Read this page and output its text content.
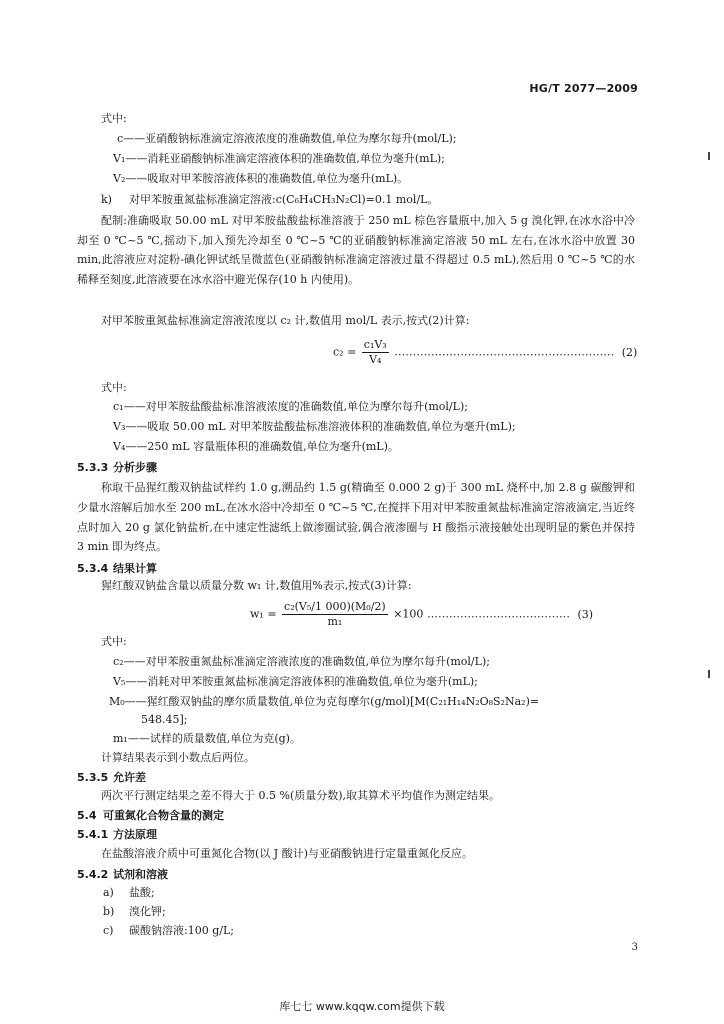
HG/T 2077—2009
式中:
c——亚硝酸钠标准滴定溶液浓度的准确数值,单位为摩尔每升(mol/L);
V₁——消耗亚硝酸钠标准滴定溶液体积的准确数值,单位为毫升(mL);
V₂——吸取对甲苯胺溶液体积的准确数值,单位为毫升(mL)。
k) 对甲苯胺重氮盐标准滴定溶液:c(C₆H₄CH₃N₂Cl)=0.1 mol/L。
配制:准确吸取 50.00 mL 对甲苯胺盐酸盐标准溶液于 250 mL 棕色容量瓶中,加入 5 g 溴化钾,在冰水浴中冷却至 0 ℃~5 ℃,摇动下,加入预先冷却至 0 ℃~5 ℃的亚硝酸钠标准滴定溶液 50 mL 左右,在冰水浴中放置 30 min,此溶液应对淀粉-碘化钾试纸呈微蓝色(亚硝酸钠标准滴定溶液过量不得超过 0.5 mL),然后用 0 ℃~5 ℃的水稀释至刻度,此溶液要在冰水浴中避光保存(10 h 内使用)。
对甲苯胺重氮盐标准滴定溶液浓度以 c₂ 计,数值用 mol/L 表示,按式(2)计算:
$c_2 = \frac{\text{c₁V₃}}{\text{V₄}}$ …………………………………………………… (2)
式中:
c₁——对甲苯胺盐酸盐标准溶液浓度的准确数值,单位为摩尔每升(mol/L);
V₃——吸取 50.00 mL 对甲苯胺盐酸盐标准溶液体积的准确数值,单位为毫升(mL);
V₄——250 mL 容量瓶体积的准确数值,单位为毫升(mL)。
5.3.3 分析步骤
称取干品猩红酸双钠盐试样约 1.0 g,溯品约 1.5 g(精确至 0.000 2 g)于 300 mL 烧杯中,加 2.8 g 碳酸钾和少量水溶解后加水至 200 mL,在冰水浴中冷却至 0 ℃~5 ℃,在搅拌下用对甲苯胺重氮盐标准滴定溶液滴定,当近终点时加入 20 g 氯化钠盐析,在中速定性滤纸上做渗圈试验,偶合液渗圈与 H 酸指示液接触处出现明显的紫色并保持 3 min 即为终点。
5.3.4 结果计算
猩红酸双钠盐含量以质量分数 w₁ 计,数值用%表示,按式(3)计算:
$w_1 = \frac{\text{c₂(V₅/1 000)(M₀/2)}}{\text{m₁}} \times 100$ ………………………………… (3)
式中:
c₂——对甲苯胺重氮盐标准滴定溶液浓度的准确数值,单位为摩尔每升(mol/L);
V₅——消耗对甲苯胺重氮盐标准滴定溶液体积的准确数值,单位为毫升(mL);
M₀——猩红酸双钠盐的摩尔质量数值,单位为克每摩尔(g/mol)[M(C₂₁H₁₄N₂O₈S₂Na₂)=
548.45];
m₁——试样的质量数值,单位为克(g)。
计算结果表示到小数点后两位。
5.3.5 允许差
两次平行测定结果之差不得大于 0.5 %(质量分数),取其算术平均值作为测定结果。
5.4 可重氮化合物含量的测定
5.4.1 方法原理
在盐酸溶液介质中可重氮化合物(以 J 酸计)与亚硝酸钠进行定量重氮化反应。
5.4.2 试剂和溶液
a) 盐酸;
b) 溴化钾;
c) 碳酸钠溶液:100 g/L;
3
库七七 www.kqqw.com提供下载
